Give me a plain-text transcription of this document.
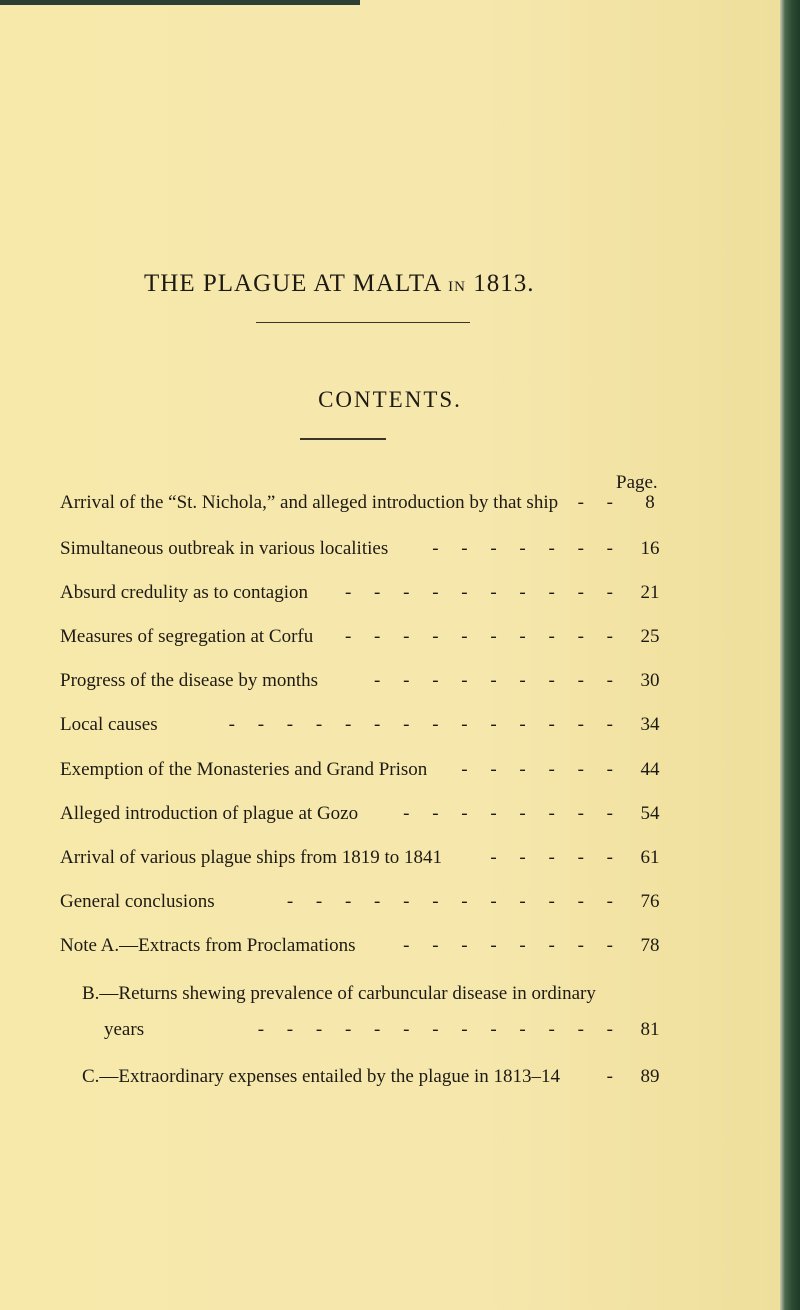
THE PLAGUE AT MALTA IN 1813.
CONTENTS.
Page.
Arrival of the “St. Nichola,” and alleged introduction by that ship - -	8
Simultaneous outbreak in various localities - - - - - - - 16
Absurd credulity as to contagion - - - - - - - - - - 21
Measures of segregation at Corfu - - - - - - - - - - 25
Progress of the disease by months	- - - - - - - - - 30
Local causes	- - - - - - - - - - - - - - 34
Exemption of the Monasteries and Grand Prison - - - - - - 44
Alleged introduction of plague at Gozo - - - - - - - - 54
Arrival of various plague ships from 1819 to 1841	- - - - - 61
General conclusions	- - - - - - - - - - - - 76
Note A.—Extracts from Proclamations	- - - - - - - - 78
B.—Returns shewing prevalence of carbuncular disease in ordinary
years	- - - - - - - - - - - - - 81
C.—Extraordinary expenses entailed by the plague in 1813–14 - 89
